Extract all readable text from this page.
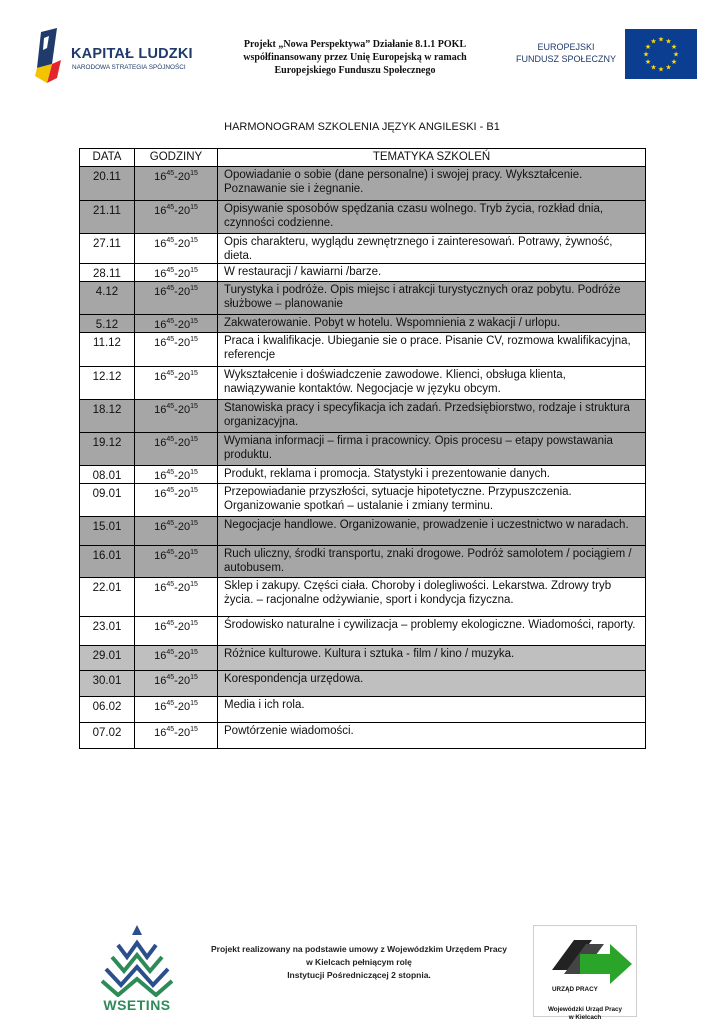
KAPITAŁ LUDZKI
NARODOWA STRATEGIA SPÓJNOŚCI
Projekt „Nowa Perspektywa” Działanie 8.1.1 POKL
współfinansowany przez Unię Europejską w ramach
Europejskiego Funduszu Społecznego
EUROPEJSKI
FUNDUSZ SPOŁECZNY	★
★
★
★
★
★
★
★
★ ★ ★
★
HARMONOGRAM SZKOLENIA JĘZYK ANGILESKI - B1
DATA	GODZINY	TEMATYKA SZKOLEŃ
20.11	$16^{45}-20^{15}$	Opowiadanie o sobie (dane personalne) i swojej pracy. Wykształcenie. Poznawanie sie i żegnanie.
21.11	$16^{45}-20^{15}$	Opisywanie sposobów spędzania czasu wolnego. Tryb życia, rozkład dnia, czynności codzienne.
27.11	$16^{45}-20^{15}$	Opis charakteru, wyglądu zewnętrznego i zainteresowań. Potrawy, żywność, dieta.
28.11	$16^{45}-20^{15}$	W restauracji / kawiarni /barze.
4.12	$16^{45}-20^{15}$	Turystyka i podróże. Opis miejsc i atrakcji turystycznych oraz pobytu. Podróże służbowe – planowanie
5.12	$16^{45}-20^{15}$	Zakwaterowanie. Pobyt w hotelu. Wspomnienia z wakacji / urlopu.
11.12	$16^{45}-20^{15}$	Praca i kwalifikacje. Ubieganie sie o prace. Pisanie CV, rozmowa kwalifikacyjna, referencje
12.12	$16^{45}-20^{15}$	Wykształcenie i doświadczenie zawodowe. Klienci, obsługa klienta, nawiązywanie kontaktów. Negocjacje w języku obcym.
18.12	$16^{45}-20^{15}$	Stanowiska pracy i specyfikacja ich zadań. Przedsiębiorstwo, rodzaje i struktura organizacyjna.
19.12	$16^{45}-20^{15}$	Wymiana informacji – firma i pracownicy. Opis procesu – etapy powstawania produktu.
08.01	$16^{45}-20^{15}$	Produkt, reklama i promocja. Statystyki i prezentowanie danych.
09.01	$16^{45}-20^{15}$	Przepowiadanie przyszłości, sytuacje hipotetyczne. Przypuszczenia. Organizowanie spotkań – ustalanie i zmiany terminu.
15.01	$16^{45}-20^{15}$	Negocjacje handlowe. Organizowanie, prowadzenie i uczestnictwo w naradach.
16.01	$16^{45}-20^{15}$	Ruch uliczny, środki transportu, znaki drogowe. Podróż samolotem / pociągiem / autobusem.
22.01	$16^{45}-20^{15}$	Sklep i zakupy. Części ciała. Choroby i dolegliwości. Lekarstwa. Zdrowy tryb życia. – racjonalne odżywianie, sport i kondycja fizyczna.
23.01	$16^{45}-20^{15}$	Środowisko naturalne i cywilizacja – problemy ekologiczne. Wiadomości, raporty.
29.01	$16^{45}-20^{15}$	Różnice kulturowe. Kultura i sztuka - film / kino / muzyka.
30.01	$16^{45}-20^{15}$	Korespondencja urzędowa.
06.02	$16^{45}-20^{15}$	Media i ich rola.
07.02	$16^{45}-20^{15}$	Powtórzenie wiadomości.
WSETINS
Projekt realizowany na podstawie umowy z Wojewódzkim Urzędem Pracy
w Kielcach pełniącym rolę
Instytucji Pośredniczącej 2 stopnia.
URZĄD PRACY
Wojewódzki Urząd Pracy
w Kielcach
